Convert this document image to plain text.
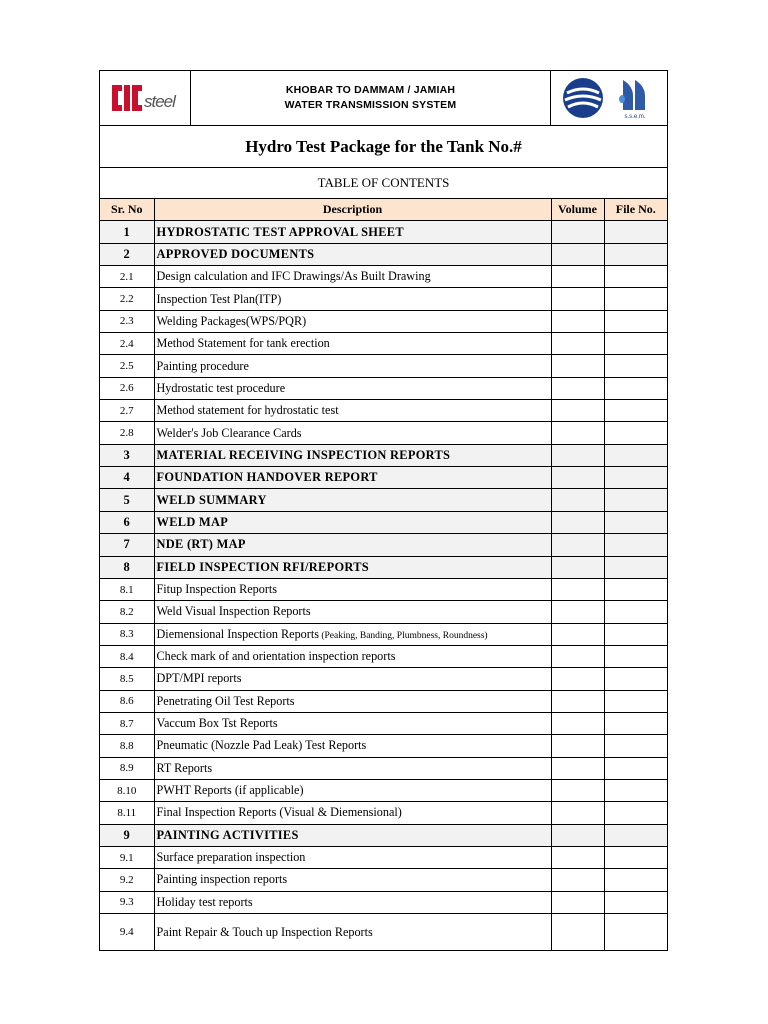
steel
KHOBAR TO DAMMAM / JAMIAH
WATER TRANSMISSION SYSTEM
s.s.e.m.
Hydro Test Package for the Tank No.#
TABLE OF CONTENTS
Sr. No	Description	Volume	File No.
1	HYDROSTATIC TEST APPROVAL SHEET		
2	APPROVED DOCUMENTS		
2.1	Design calculation and IFC Drawings/As Built Drawing		
2.2	Inspection Test Plan(ITP)		
2.3	Welding Packages(WPS/PQR)		
2.4	Method Statement for tank erection		
2.5	Painting procedure		
2.6	Hydrostatic test procedure		
2.7	Method statement for hydrostatic test		
2.8	Welder's Job Clearance Cards		
3	MATERIAL RECEIVING INSPECTION REPORTS		
4	FOUNDATION HANDOVER REPORT		
5	WELD SUMMARY		
6	WELD MAP		
7	NDE (RT) MAP		
8	FIELD INSPECTION RFI/REPORTS		
8.1	Fitup Inspection Reports		
8.2	Weld Visual Inspection Reports		
8.3	Diemensional Inspection Reports (Peaking, Banding, Plumbness, Roundness)		
8.4	Check mark of and orientation inspection reports		
8.5	DPT/MPI reports		
8.6	Penetrating Oil Test Reports		
8.7	Vaccum Box Tst Reports		
8.8	Pneumatic (Nozzle Pad Leak) Test Reports		
8.9	RT Reports		
8.10	PWHT Reports (if applicable)		
8.11	Final Inspection Reports (Visual & Diemensional)		
9	PAINTING ACTIVITIES		
9.1	Surface preparation inspection		
9.2	Painting inspection reports		
9.3	Holiday test reports		
9.4	Paint Repair & Touch up Inspection Reports		
